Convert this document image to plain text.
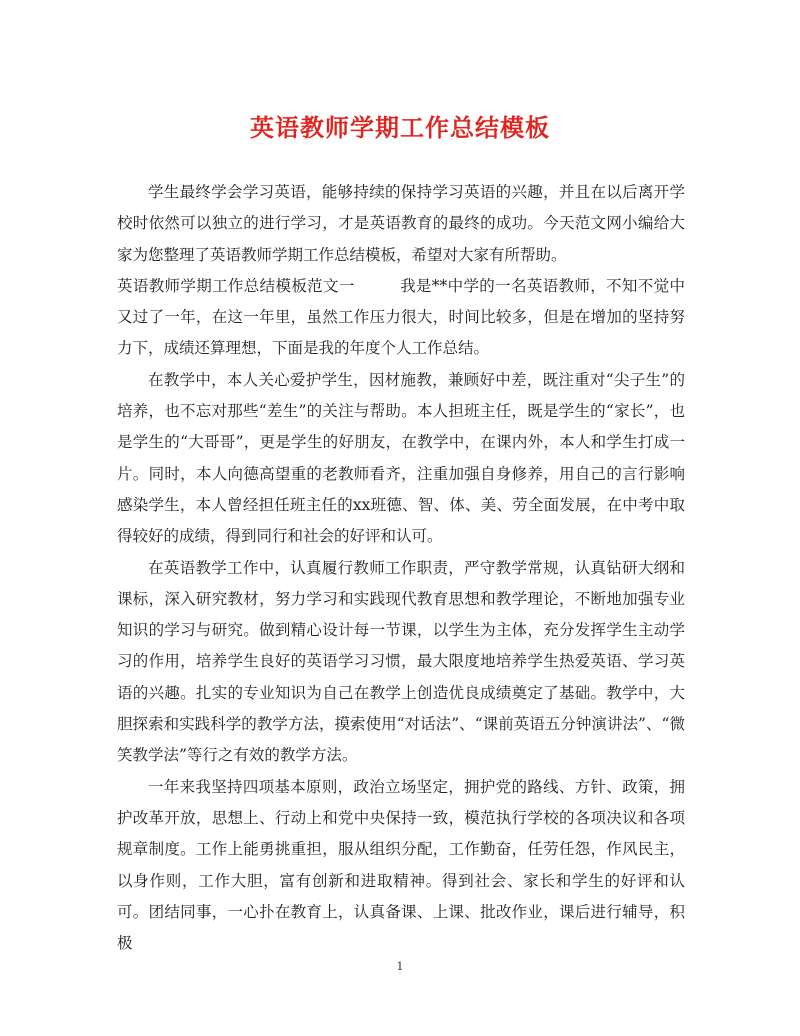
英语教师学期工作总结模板

学生最终学会学习英语，能够持续的保持学习英语的兴趣，并且在以后离开学校时依然可以独立的进行学习，才是英语教育的最终的成功。今天范文网小编给大家为您整理了英语教师学期工作总结模板，希望对大家有所帮助。

英语教师学期工作总结模板范文一	我是**中学的一名英语教师，不知不觉中又过了一年，在这一年里，虽然工作压力很大，时间比较多，但是在增加的坚持努力下，成绩还算理想，下面是我的年度个人工作总结。

在教学中，本人关心爱护学生，因材施教，兼顾好中差，既注重对“尖子生”的培养，也不忘对那些“差生”的关注与帮助。本人担班主任，既是学生的“家长”，也是学生的“大哥哥”，更是学生的好朋友，在教学中，在课内外，本人和学生打成一片。同时，本人向德高望重的老教师看齐，注重加强自身修养，用自己的言行影响感染学生，本人曾经担任班主任的xx班德、智、体、美、劳全面发展，在中考中取得较好的成绩，得到同行和社会的好评和认可。

在英语教学工作中，认真履行教师工作职责，严守教学常规，认真钻研大纲和课标，深入研究教材，努力学习和实践现代教育思想和教学理论，不断地加强专业知识的学习与研究。做到精心设计每一节课，以学生为主体，充分发挥学生主动学习的作用，培养学生良好的英语学习习惯，最大限度地培养学生热爱英语、学习英语的兴趣。扎实的专业知识为自己在教学上创造优良成绩奠定了基础。教学中，大胆探索和实践科学的教学方法，摸索使用“对话法”、“课前英语五分钟演讲法”、“微笑教学法”等行之有效的教学方法。

一年来我坚持四项基本原则，政治立场坚定，拥护党的路线、方针、政策，拥护改革开放，思想上、行动上和党中央保持一致，模范执行学校的各项决议和各项规章制度。工作上能勇挑重担，服从组织分配，工作勤奋，任劳任怨，作风民主，以身作则，工作大胆，富有创新和进取精神。得到社会、家长和学生的好评和认可。团结同事，一心扑在教育上，认真备课、上课、批改作业，课后进行辅导，积极

1
